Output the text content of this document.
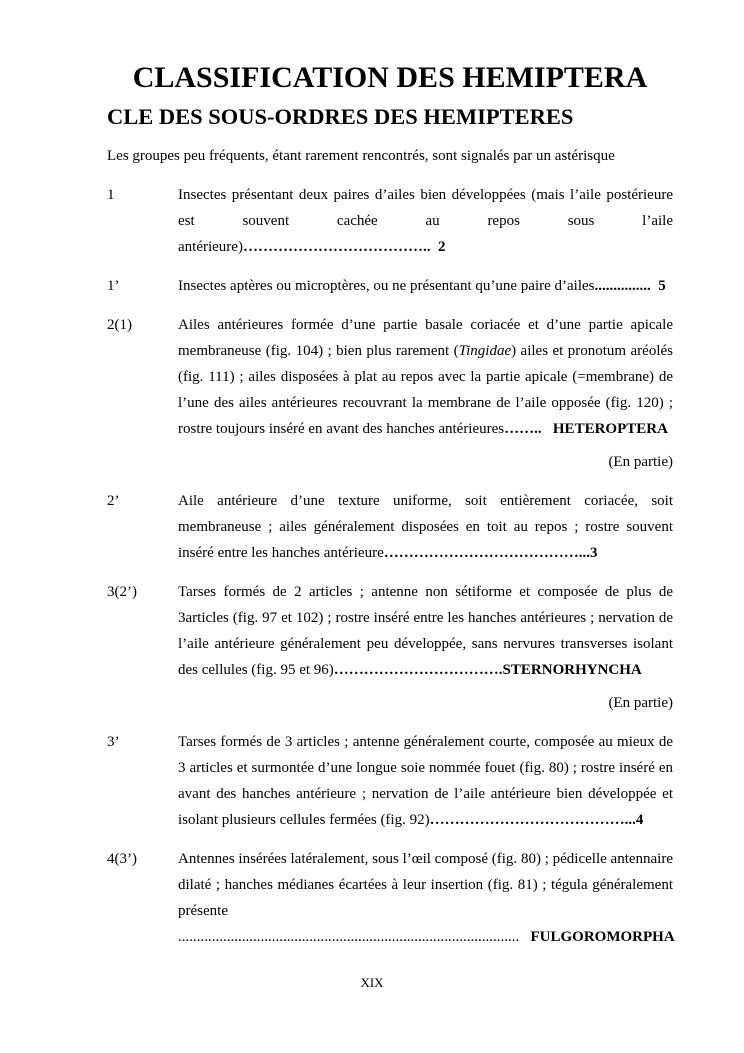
CLASSIFICATION DES HEMIPTERA
CLE DES SOUS-ORDRES DES HEMIPTERES

Les groupes peu fréquents, étant rarement rencontrés, sont signalés par un astérisque

1	Insectes présentant deux paires d’ailes bien développées (mais l’aile postérieure est souvent cachée au repos sous l’aile antérieure)……………………………….. 2

1’	Insectes aptères ou microptères, ou ne présentant qu’une paire d’ailes............... 5

2(1)	Ailes antérieures formée d’une partie basale coriacée et d’une partie apicale membraneuse (fig. 104) ; bien plus rarement (Tingidae) ailes et pronotum aréolés (fig. 111) ; ailes disposées à plat au repos avec la partie apicale (=membrane) de l’une des ailes antérieures recouvrant la membrane de l’aile opposée (fig. 120) ; rostre toujours inséré en avant des hanches antérieures…….. HETEROPTERA

(En partie)
2’	Aile antérieure d’une texture uniforme, soit entièrement coriacée, soit membraneuse ; ailes généralement disposées en toit au repos ; rostre souvent inséré entre les hanches antérieure…………………………………...3

3(2’)	Tarses formés de 2 articles ; antenne non sétiforme et composée de plus de 3articles (fig. 97 et 102) ; rostre inséré entre les hanches antérieures ; nervation de l’aile antérieure généralement peu développée, sans nervures transverses isolant des cellules (fig. 95 et 96)…………………………….STERNORHYNCHA

(En partie)
3’	Tarses formés de 3 articles ; antenne généralement courte, composée au mieux de 3 articles et surmontée d’une longue soie nommée fouet (fig. 80) ; rostre inséré en avant des hanches antérieure ; nervation de l’aile antérieure bien développée et isolant plusieurs cellules fermées (fig. 92)…………………………………...4

4(3’)	Antennes insérées latéralement, sous l’œil composé (fig. 80) ; pédicelle antennaire dilaté ; hanches médianes écartées à leur insertion (fig. 81) ; tégula généralement présente ........................................................................................... FULGOROMORPHA

XIX
